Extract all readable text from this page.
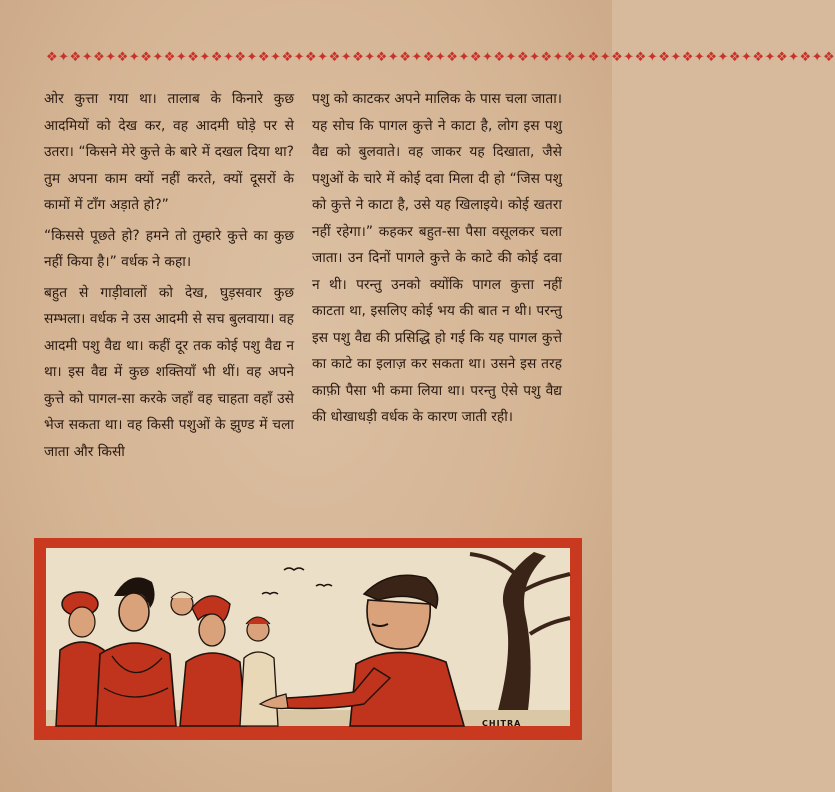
❖✦❖✦❖✦❖✦❖✦❖✦❖✦❖✦❖✦❖✦❖✦❖✦❖✦❖✦❖✦❖✦❖✦❖✦❖✦❖✦❖✦❖✦❖✦❖✦❖✦❖✦❖✦❖✦❖✦❖✦❖✦❖✦❖✦❖

ओर कुत्ता गया था। तालाब के किनारे कुछ आदमियों को देख कर, वह आदमी घोड़े पर से उतरा। “किसने मेरे कुत्ते के बारे में दखल दिया था? तुम अपना काम क्यों नहीं करते, क्यों दूसरों के कामों में टाँग अड़ाते हो?”

“किससे पूछते हो? हमने तो तुम्हारे कुत्ते का कुछ नहीं किया है।” वर्धक ने कहा।

बहुत से गाड़ीवालों को देख, घुड़सवार कुछ सम्भला। वर्धक ने उस आदमी से सच बुलवाया। वह आदमी पशु वैद्य था। कहीं दूर तक कोई पशु वैद्य न था। इस वैद्य में कुछ शक्तियाँ भी थीं। वह अपने कुत्ते को पागल-सा करके जहाँ वह चाहता वहाँ उसे भेज सकता था। वह किसी पशुओं के झुण्ड में चला जाता और किसी

पशु को काटकर अपने मालिक के पास चला जाता। यह सोच कि पागल कुत्ते ने काटा है, लोग इस पशु वैद्य को बुलवाते। वह जाकर यह दिखाता, जैसे पशुओं के चारे में कोई दवा मिला दी हो “जिस पशु को कुत्ते ने काटा है, उसे यह खिलाइये। कोई खतरा नहीं रहेगा।” कहकर बहुत-सा पैसा वसूलकर चला जाता। उन दिनों पागले कुत्ते के काटे की कोई दवा न थी। परन्तु उनको क्योंकि पागल कुत्ता नहीं काटता था, इसलिए कोई भय की बात न थी। परन्तु इस पशु वैद्य की प्रसिद्धि हो गई कि यह पागल कुत्ते का काटे का इलाज़ कर सकता था। उसने इस तरह काफ़ी पैसा भी कमा लिया था। परन्तु ऐसे पशु वैद्य की धोखाधड़ी वर्धक के कारण जाती रही।

CHITRA
